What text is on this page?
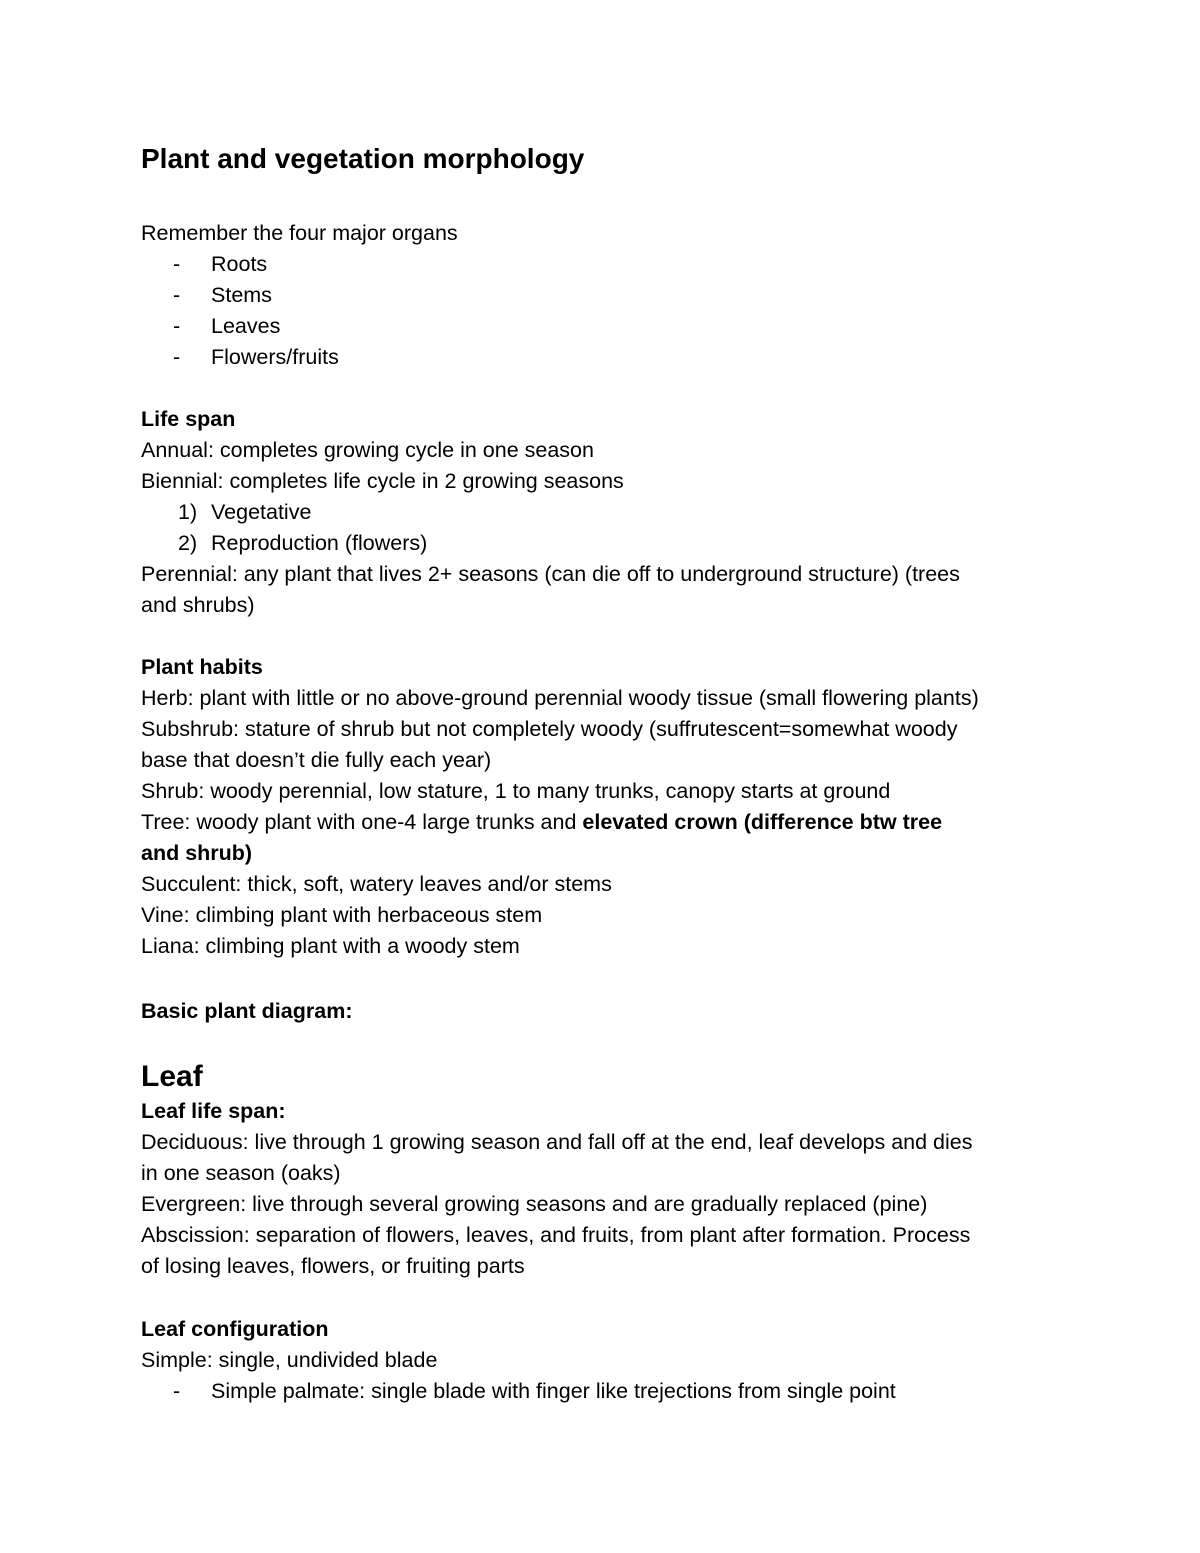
Plant and vegetation morphology
Remember the four major organs
- Roots
- Stems
- Leaves
- Flowers/fruits
Life span
Annual: completes growing cycle in one season
Biennial: completes life cycle in 2 growing seasons
1) Vegetative
2) Reproduction (flowers)
Perennial: any plant that lives 2+ seasons (can die off to underground structure) (trees
and shrubs)
Plant habits
Herb: plant with little or no above-ground perennial woody tissue (small flowering plants)
Subshrub: stature of shrub but not completely woody (suffrutescent=somewhat woody
base that doesn’t die fully each year)
Shrub: woody perennial, low stature, 1 to many trunks, canopy starts at ground
Tree: woody plant with one-4 large trunks and elevated crown (difference btw tree
and shrub)
Succulent: thick, soft, watery leaves and/or stems
Vine: climbing plant with herbaceous stem
Liana: climbing plant with a woody stem
Basic plant diagram:
Leaf
Leaf life span:
Deciduous: live through 1 growing season and fall off at the end, leaf develops and dies
in one season (oaks)
Evergreen: live through several growing seasons and are gradually replaced (pine)
Abscission: separation of flowers, leaves, and fruits, from plant after formation. Process
of losing leaves, flowers, or fruiting parts
Leaf configuration
Simple: single, undivided blade
- Simple palmate: single blade with finger like trejections from single point
